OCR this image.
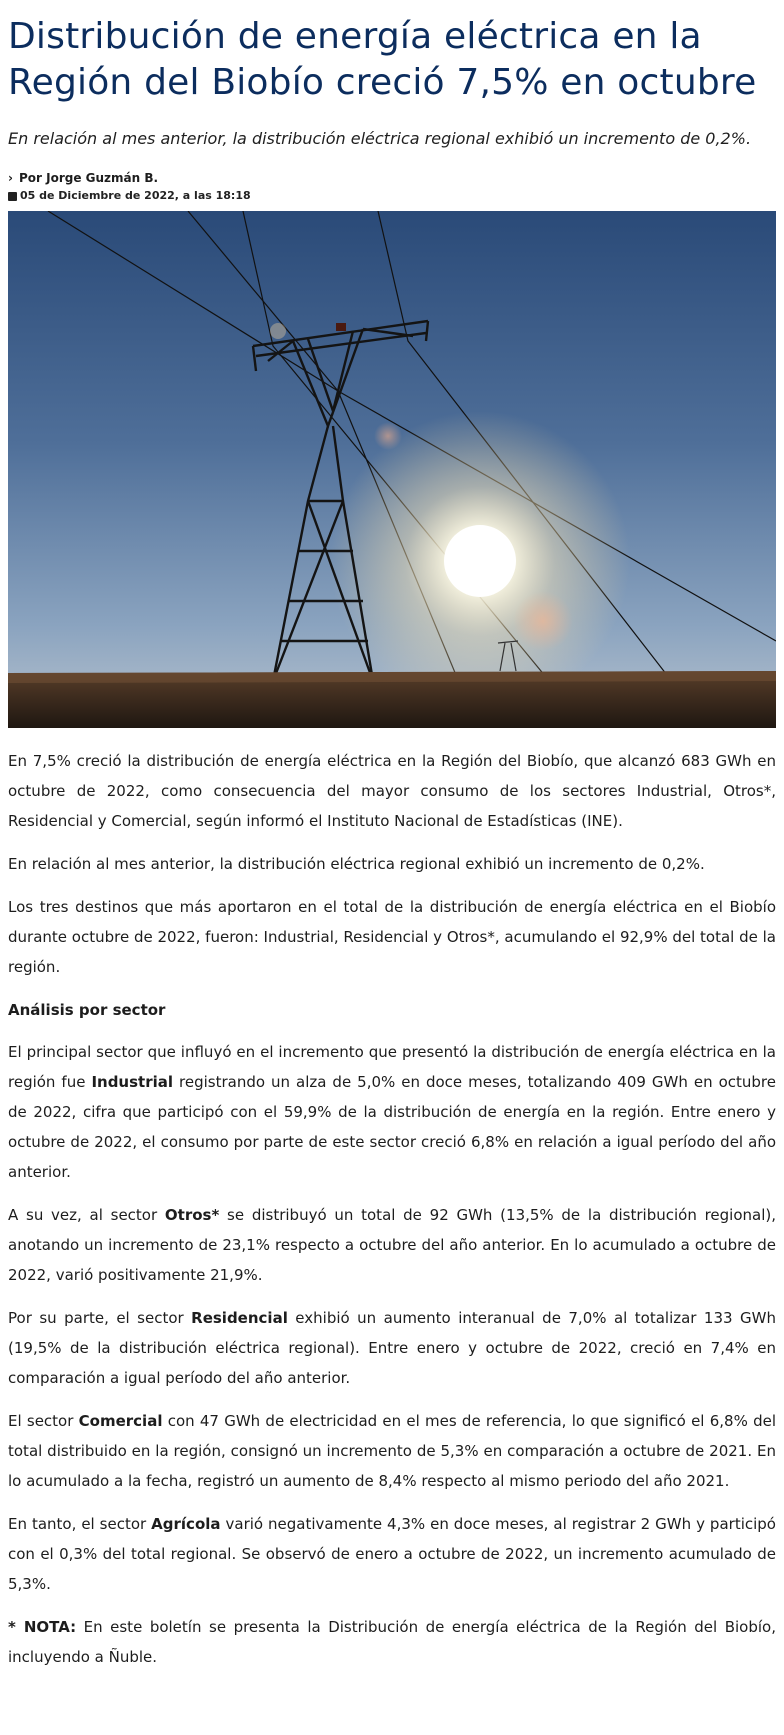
Distribución de energía eléctrica en la Región del Biobío creció 7,5% en octubre
En relación al mes anterior, la distribución eléctrica regional exhibió un incremento de 0,2%.
› Por Jorge Guzmán B.
05 de Diciembre de 2022, a las 18:18

En 7,5% creció la distribución de energía eléctrica en la Región del Biobío, que alcanzó 683 GWh en octubre de 2022, como consecuencia del mayor consumo de los sectores Industrial, Otros*, Residencial y Comercial, según informó el Instituto Nacional de Estadísticas (INE).

En relación al mes anterior, la distribución eléctrica regional exhibió un incremento de 0,2%.

Los tres destinos que más aportaron en el total de la distribución de energía eléctrica en el Biobío durante octubre de 2022, fueron: Industrial, Residencial y Otros*, acumulando el 92,9% del total de la región.

Análisis por sector

El principal sector que influyó en el incremento que presentó la distribución de energía eléctrica en la región fue Industrial registrando un alza de 5,0% en doce meses, totalizando 409 GWh en octubre de 2022, cifra que participó con el 59,9% de la distribución de energía en la región. Entre enero y octubre de 2022, el consumo por parte de este sector creció 6,8% en relación a igual período del año anterior.

A su vez, al sector Otros* se distribuyó un total de 92 GWh (13,5% de la distribución regional), anotando un incremento de 23,1% respecto a octubre del año anterior. En lo acumulado a octubre de 2022, varió positivamente 21,9%.

Por su parte, el sector Residencial exhibió un aumento interanual de 7,0% al totalizar 133 GWh (19,5% de la distribución eléctrica regional). Entre enero y octubre de 2022, creció en 7,4% en comparación a igual período del año anterior.

El sector Comercial con 47 GWh de electricidad en el mes de referencia, lo que significó el 6,8% del total distribuido en la región, consignó un incremento de 5,3% en comparación a octubre de 2021. En lo acumulado a la fecha, registró un aumento de 8,4% respecto al mismo periodo del año 2021.

En tanto, el sector Agrícola varió negativamente 4,3% en doce meses, al registrar 2 GWh y participó con el 0,3% del total regional. Se observó de enero a octubre de 2022, un incremento acumulado de 5,3%.

* NOTA: En este boletín se presenta la Distribución de energía eléctrica de la Región del Biobío, incluyendo a Ñuble.
